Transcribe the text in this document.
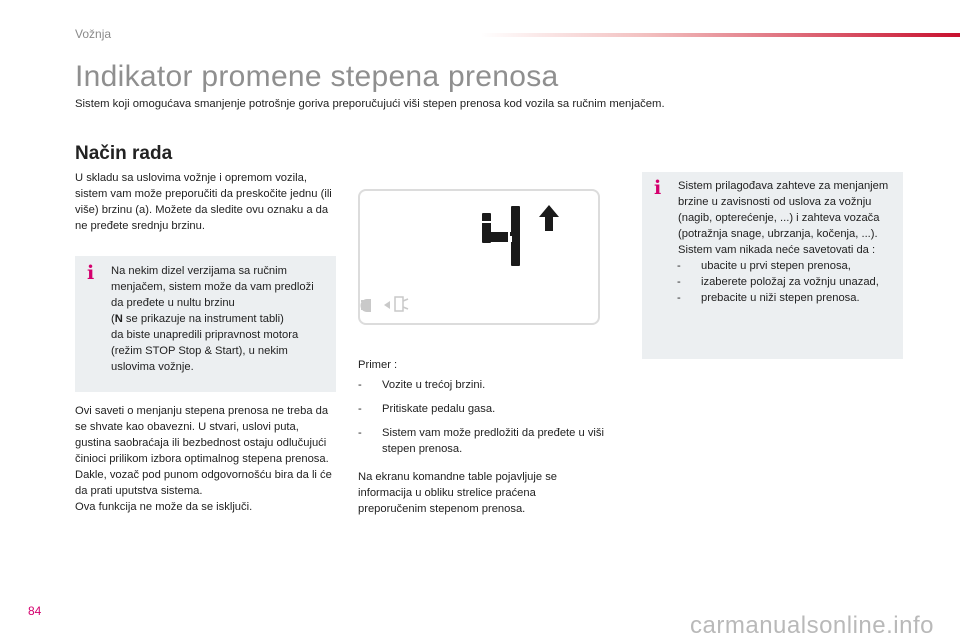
Vožnja
Indikator promene stepena prenosa

Sistem koji omogućava smanjenje potrošnje goriva preporučujući viši stepen prenosa kod vozila sa ručnim menjačem.

Način rada

U skladu sa uslovima vožnje i opremom vozila, sistem vam može preporučiti da preskočite jednu (ili više) brzinu (a). Možete da sledite ovu oznaku a da ne pređete srednju brzinu.

i Na nekim dizel verzijama sa ručnim menjačem, sistem može da vam predloži da pređete u nultu brzinu
(N se prikazuje na instrument tabli)
da biste unapredili pripravnost motora (režim STOP Stop & Start), u nekim uslovima vožnje.
Ovi saveti o menjanju stepena prenosa ne treba da se shvate kao obavezni. U stvari, uslovi puta, gustina saobraćaja ili bezbednost ostaju odlučujući činioci prilikom izbora optimalnog stepena prenosa. Dakle, vozač pod punom odgovornošću bira da li će da prati uputstva sistema.
Ova funkcija ne može da se isključi.
4
Primer :
- Vozite u trećoj brzini.
- Pritiskate pedalu gasa.
- Sistem vam može predložiti da pređete u viši stepen prenosa.

Na ekranu komandne table pojavljuje se informacija u obliku strelice praćena preporučenim stepenom prenosa.

i Sistem prilagođava zahteve za menjanjem brzine u zavisnosti od uslova za vožnju (nagib, opterećenje, ...) i zahteva vozača (potražnja snage, ubrzanja, kočenja, ...).
Sistem vam nikada neće savetovati da :
- ubacite u prvi stepen prenosa,
- izaberete položaj za vožnju unazad,
- prebacite u niži stepen prenosa.
84
carmanualsonline.info
